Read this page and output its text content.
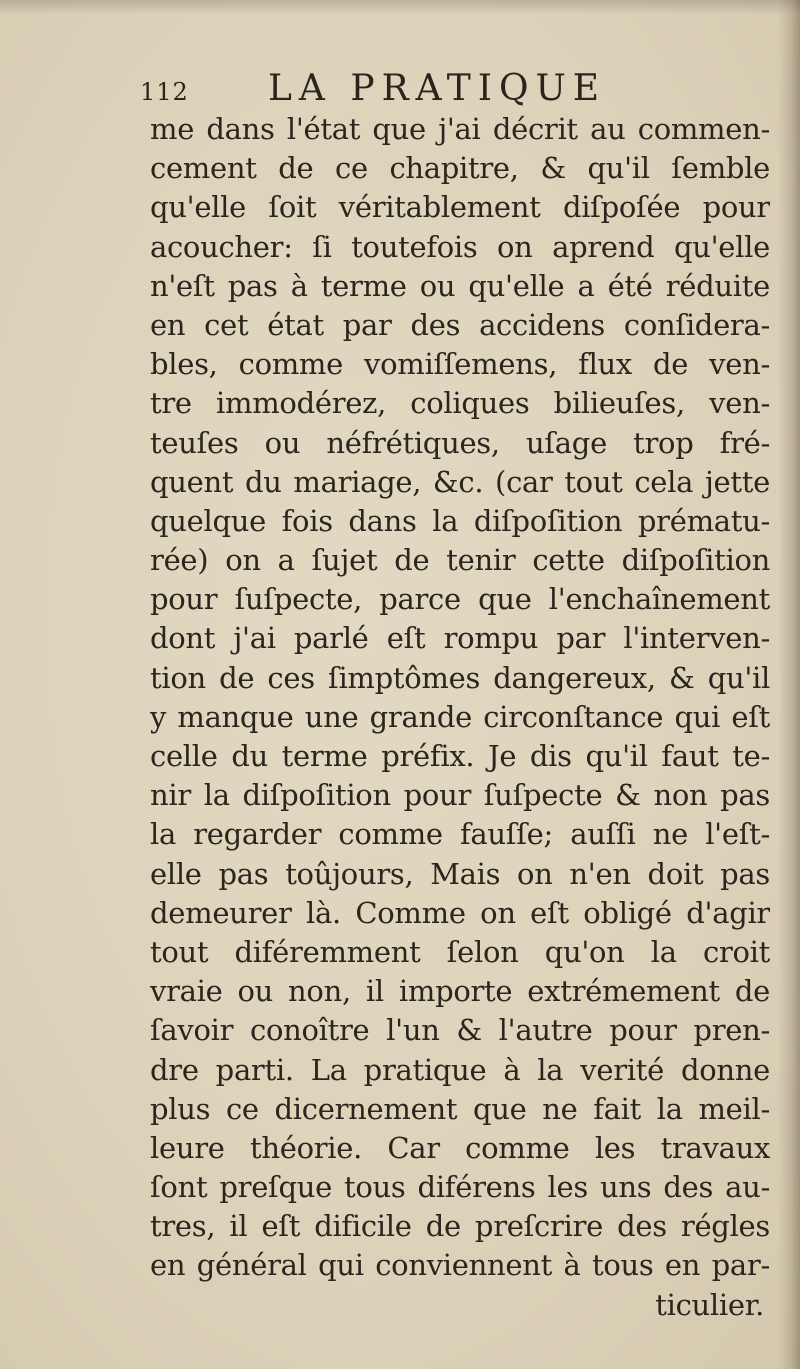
112 LA PRATIQUE
me dans l'état que j'ai décrit au commen-
cement de ce chapitre, & qu'il ſemble
qu'elle ſoit véritablement diſpoſée pour
acoucher: ſi toutefois on aprend qu'elle
n'eſt pas à terme ou qu'elle a été réduite
en cet état par des accidens conſidera-
bles, comme vomiſſemens, flux de ven-
tre immodérez, coliques bilieuſes, ven-
teuſes ou néfrétiques, uſage trop fré-
quent du mariage, &c. (car tout cela jette
quelque fois dans la diſpoſition prématu-
rée) on a ſujet de tenir cette diſpoſition
pour ſuſpecte, parce que l'enchaînement
dont j'ai parlé eſt rompu par l'interven-
tion de ces ſimptômes dangereux, & qu'il
y manque une grande circonſtance qui eſt
celle du terme préfix. Je dis qu'il faut te-
nir la diſpoſition pour ſuſpecte & non pas
la regarder comme fauſſe; auſſi ne l'eſt-
elle pas toûjours, Mais on n'en doit pas
demeurer là. Comme on eſt obligé d'agir
tout diféremment ſelon qu'on la croit
vraie ou non, il importe extrémement de
ſavoir conoître l'un & l'autre pour pren-
dre parti. La pratique à la verité donne
plus ce dicernement que ne fait la meil-
leure théorie. Car comme les travaux
ſont preſque tous diférens les uns des au-
tres, il eſt dificile de preſcrire des régles
en général qui conviennent à tous en par-
ticulier.
